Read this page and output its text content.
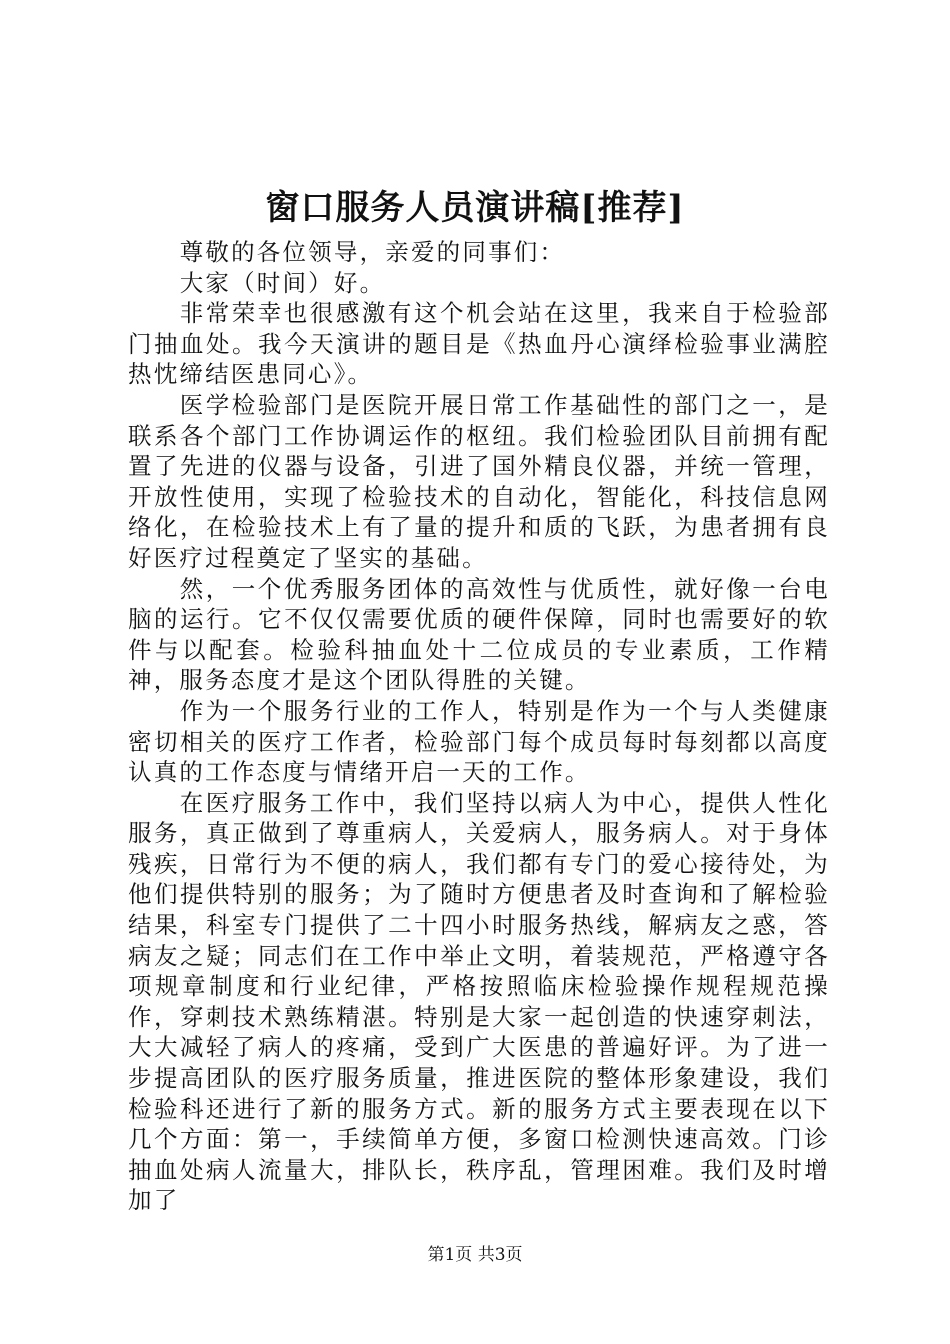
窗口服务人员演讲稿[推荐]

尊敬的各位领导，亲爱的同事们：

大家（时间）好。

非常荣幸也很感激有这个机会站在这里，我来自于检验部门抽血处。我今天演讲的题目是《热血丹心演绎检验事业满腔热忱缔结医患同心》。

医学检验部门是医院开展日常工作基础性的部门之一，是联系各个部门工作协调运作的枢纽。我们检验团队目前拥有配置了先进的仪器与设备，引进了国外精良仪器，并统一管理，开放性使用，实现了检验技术的自动化，智能化，科技信息网络化，在检验技术上有了量的提升和质的飞跃，为患者拥有良好医疗过程奠定了坚实的基础。

然，一个优秀服务团体的高效性与优质性，就好像一台电脑的运行。它不仅仅需要优质的硬件保障，同时也需要好的软件与以配套。检验科抽血处十二位成员的专业素质，工作精神，服务态度才是这个团队得胜的关键。

作为一个服务行业的工作人，特别是作为一个与人类健康密切相关的医疗工作者，检验部门每个成员每时每刻都以高度认真的工作态度与情绪开启一天的工作。

在医疗服务工作中，我们坚持以病人为中心，提供人性化服务，真正做到了尊重病人，关爱病人，服务病人。对于身体残疾，日常行为不便的病人，我们都有专门的爱心接待处，为他们提供特别的服务；为了随时方便患者及时查询和了解检验结果，科室专门提供了二十四小时服务热线，解病友之惑，答病友之疑；同志们在工作中举止文明，着装规范，严格遵守各项规章制度和行业纪律，严格按照临床检验操作规程规范操作，穿刺技术熟练精湛。特别是大家一起创造的快速穿刺法，大大减轻了病人的疼痛，受到广大医患的普遍好评。为了进一步提高团队的医疗服务质量，推进医院的整体形象建设，我们检验科还进行了新的服务方式。新的服务方式主要表现在以下几个方面：第一，手续简单方便，多窗口检测快速高效。门诊抽血处病人流量大，排队长，秩序乱，管理困难。我们及时增加了

第1页 共3页
